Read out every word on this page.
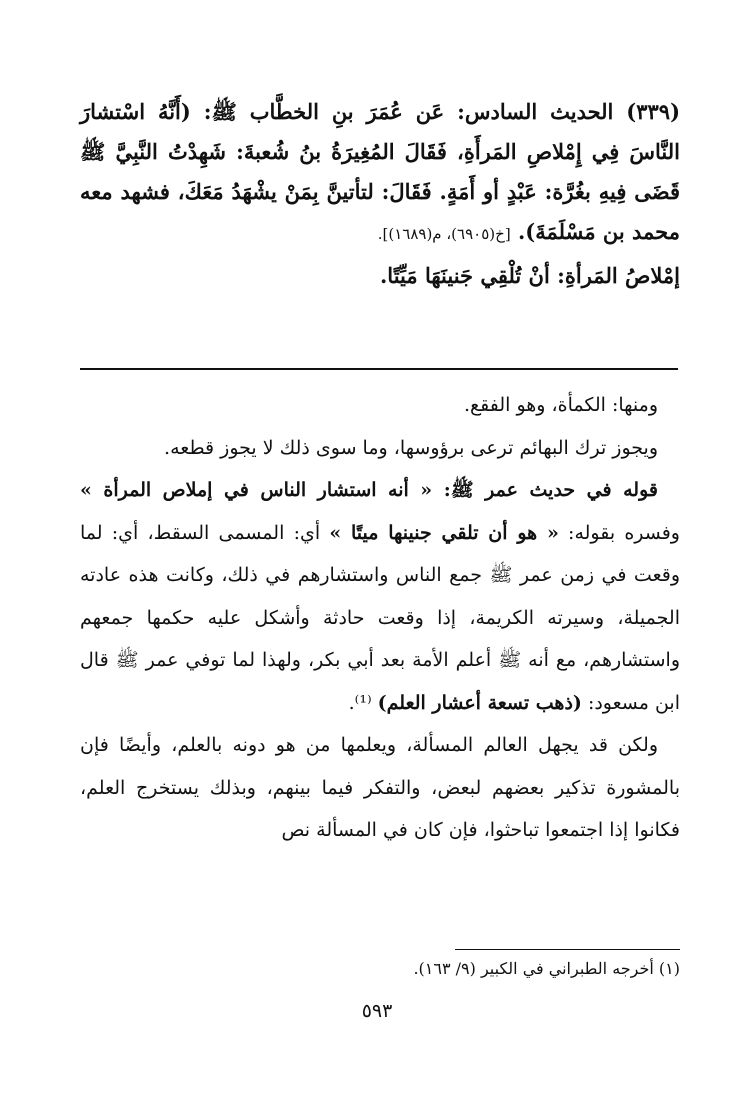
(٣٣٩) الحديث السادس: عَن عُمَرَ بنِ الخطَّاب ﷺ: (أَنَّهُ اسْتشارَ النَّاسَ فِي إِمْلاصِ المَرأَةِ، فَقَالَ المُغِيرَةُ بنُ شُعبةَ: شَهِدْتُ النَّبِيَّ ﷺ قَضَى فِيهِ بغُرَّة: عَبْدٍ أو أَمَةٍ. فَقَالَ: لتأتينَّ بِمَنْ يشْهَدُ مَعَكَ، فشهد معه محمد بن مَسْلَمَةَ). [خ(٦٩٠٥)، م(١٦٨٩)].

إمْلاصُ المَرأةِ: أنْ تُلْقِي جَنينَهَا مَيِّتًا.

ومنها: الكمأة، وهو الفقع.

ويجوز ترك البهائم ترعى برؤوسها، وما سوى ذلك لا يجوز قطعه.

قوله في حديث عمر ﷺ: « أنه استشار الناس في إملاص المرأة » وفسره بقوله: « هو أن تلقي جنينها ميتًا » أي: المسمى السقط، أي: لما وقعت في زمن عمر ﷺ جمع الناس واستشارهم في ذلك، وكانت هذه عادته الجميلة، وسيرته الكريمة، إذا وقعت حادثة وأشكل عليه حكمها جمعهم واستشارهم، مع أنه ﷺ أعلم الأمة بعد أبي بكر، ولهذا لما توفي عمر ﷺ قال ابن مسعود: (ذهب تسعة أعشار العلم) ⁽¹⁾.

ولكن قد يجهل العالم المسألة، ويعلمها من هو دونه بالعلم، وأيضًا فإن بالمشورة تذكير بعضهم لبعض، والتفكر فيما بينهم، وبذلك يستخرج العلم، فكانوا إذا اجتمعوا تباحثوا، فإن كان في المسألة نص

(١) أخرجه الطبراني في الكبير (٩/ ١٦٣).
٥٩٣
